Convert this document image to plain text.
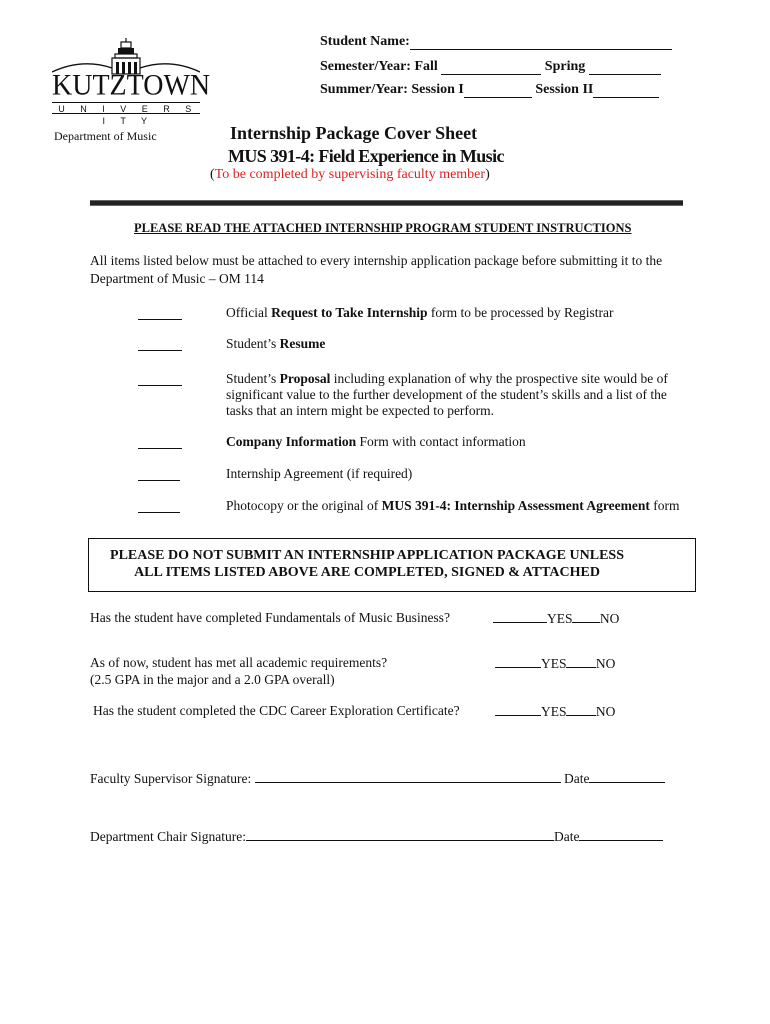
KUTZTOWN
U N I V E R S I T Y
Student Name:
Semester/Year: Fall	Spring
Summer/Year: Session I	Session II
Department of Music	Internship Package Cover Sheet
MUS 391-4: Field Experience in Music
(To be completed by supervising faculty member)
PLEASE READ THE ATTACHED INTERNSHIP PROGRAM STUDENT INSTRUCTIONS
All items listed below must be attached to every internship application package before submitting it to the Department of Music – OM 114
Official Request to Take Internship form to be processed by Registrar
Student’s Resume
Student’s Proposal including explanation of why the prospective site would be of significant value to the further development of the student’s skills and a list of the tasks that an intern might be expected to perform.
Company Information Form with contact information
Internship Agreement (if required)
Photocopy or the original of MUS 391-4: Internship Assessment Agreement form
PLEASE DO NOT SUBMIT AN INTERNSHIP APPLICATION PACKAGE UNLESS
ALL ITEMS LISTED ABOVE ARE COMPLETED, SIGNED & ATTACHED
Has the student have completed Fundamentals of Music Business?	YES NO
As of now, student has met all academic requirements?
(2.5 GPA in the major and a 2.0 GPA overall)
YES NO
Has the student completed the CDC Career Exploration Certificate?	YES NO
Faculty Supervisor Signature:	Date
Department Chair Signature:	Date
